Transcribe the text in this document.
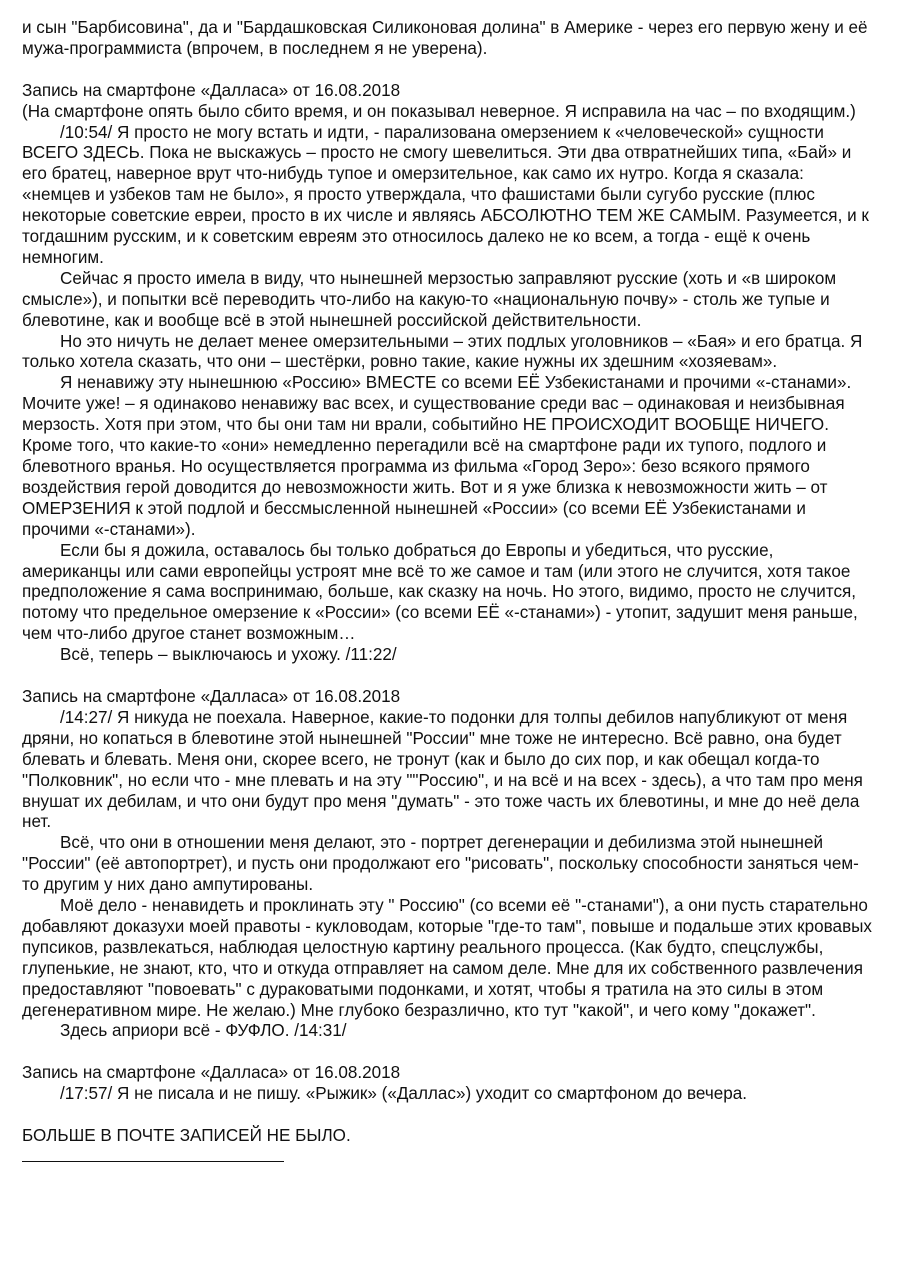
и сын "Барбисовина", да и "Бардашковская Силиконовая долина" в Америке - через его первую жену и её мужа-программиста (впрочем, в последнем я не уверена).

Запись на смартфоне «Далласа» от 16.08.2018

(На смартфоне опять было сбито время, и он показывал неверное. Я исправила на час – по входящим.)

/10:54/ Я просто не могу встать и идти, - парализована омерзением к «человеческой» сущности ВСЕГО ЗДЕСЬ. Пока не выскажусь – просто не смогу шевелиться. Эти два отвратнейших типа, «Бай» и его братец, наверное врут что-нибудь тупое и омерзительное, как само их нутро. Когда я сказала: «немцев и узбеков там не было», я просто утверждала, что фашистами были сугубо русские (плюс некоторые советские евреи, просто в их числе и являясь АБСОЛЮТНО ТЕМ ЖЕ САМЫМ. Разумеется, и к тогдашним русским, и к советским евреям это относилось далеко не ко всем, а тогда - ещё к очень немногим.

Сейчас я просто имела в виду, что нынешней мерзостью заправляют русские (хоть и «в широком смысле»), и попытки всё переводить что-либо на какую-то «национальную почву» - столь же тупые и блевотине, как и вообще всё в этой нынешней российской действительности.

Но это ничуть не делает менее омерзительными – этих подлых уголовников – «Бая» и его братца. Я только хотела сказать, что они – шестёрки, ровно такие, какие нужны их здешним «хозяевам».

Я ненавижу эту нынешнюю «Россию» ВМЕСТЕ со всеми ЕЁ Узбекистанами и прочими «-станами». Мочите уже! – я одинаково ненавижу вас всех, и существование среди вас – одинаковая и неизбывная мерзость. Хотя при этом, что бы они там ни врали, событийно НЕ ПРОИСХОДИТ ВООБЩЕ НИЧЕГО. Кроме того, что какие-то «они» немедленно перегадили всё на смартфоне ради их тупого, подлого и блевотного вранья. Но осуществляется программа из фильма «Город Зеро»: безо всякого прямого воздействия герой доводится до невозможности жить. Вот и я уже близка к невозможности жить – от ОМЕРЗЕНИЯ к этой подлой и бессмысленной нынешней «России» (со всеми ЕЁ Узбекистанами и прочими «-станами»).

Если бы я дожила, оставалось бы только добраться до Европы и убедиться, что русские, американцы или сами европейцы устроят мне всё то же самое и там (или этого не случится, хотя такое предположение я сама воспринимаю, больше, как сказку на ночь. Но этого, видимо, просто не случится, потому что предельное омерзение к «России» (со всеми ЕЁ «-станами») - утопит, задушит меня раньше, чем что-либо другое станет возможным…

Всё, теперь – выключаюсь и ухожу. /11:22/

Запись на смартфоне «Далласа» от 16.08.2018

/14:27/ Я никуда не поехала. Наверное, какие-то подонки для толпы дебилов напубликуют от меня дряни, но копаться в блевотине этой нынешней "России" мне тоже не интересно. Всё равно, она будет блевать и блевать. Меня они, скорее всего, не тронут (как и было до сих пор, и как обещал когда-то "Полковник", но если что - мне плевать и на эту ""Россию", и на всё и на всех - здесь), а что там про меня внушат их дебилам, и что они будут про меня "думать" - это тоже часть их блевотины, и мне до неё дела нет.

Всё, что они в отношении меня делают, это - портрет дегенерации и дебилизма этой нынешней "России" (её автопортрет), и пусть они продолжают его "рисовать", поскольку способности заняться чем-то другим у них дано ампутированы.

Моё дело - ненавидеть и проклинать эту " Россию" (со всеми её "-станами"), а они пусть старательно добавляют доказухи моей правоты - кукловодам, которые "где-то там", повыше и подальше этих кровавых пупсиков, развлекаться, наблюдая целостную картину реального процесса. (Как будто, спецслужбы, глупенькие, не знают, кто, что и откуда отправляет на самом деле. Мне для их собственного развлечения предоставляют "повоевать" с дураковатыми подонками, и хотят, чтобы я тратила на это силы в этом дегенеративном мире. Не желаю.) Мне глубоко безразлично, кто тут "какой", и чего кому "докажет".

Здесь априори всё - ФУФЛО. /14:31/

Запись на смартфоне «Далласа» от 16.08.2018

/17:57/ Я не писала и не пишу. «Рыжик» («Даллас») уходит со смартфоном до вечера.

БОЛЬШЕ В ПОЧТЕ ЗАПИСЕЙ НЕ БЫЛО.
